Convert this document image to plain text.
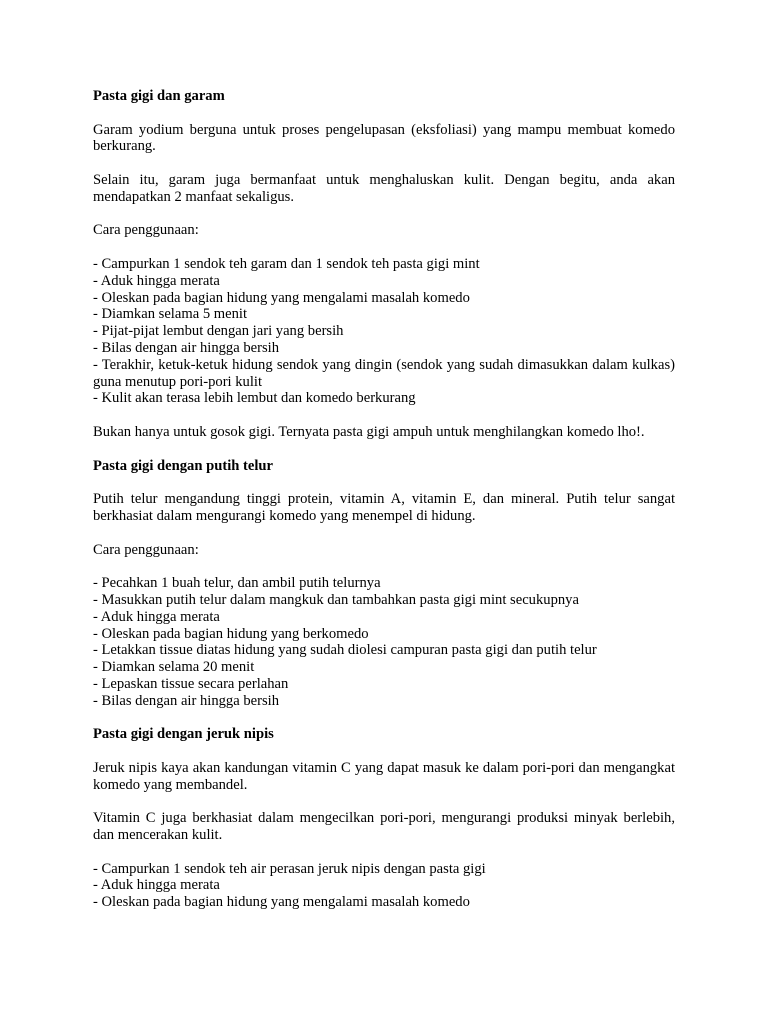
Pasta gigi dan garam

Garam yodium berguna untuk proses pengelupasan (eksfoliasi) yang mampu membuat komedo berkurang.

Selain itu, garam juga bermanfaat untuk menghaluskan kulit. Dengan begitu, anda akan mendapatkan 2 manfaat sekaligus.

Cara penggunaan:

- Campurkan 1 sendok teh garam dan 1 sendok teh pasta gigi mint
- Aduk hingga merata
- Oleskan pada bagian hidung yang mengalami masalah komedo
- Diamkan selama 5 menit
- Pijat-pijat lembut dengan jari yang bersih
- Bilas dengan air hingga bersih
- Terakhir, ketuk-ketuk hidung sendok yang dingin (sendok yang sudah dimasukkan dalam kulkas) guna menutup pori-pori kulit
- Kulit akan terasa lebih lembut dan komedo berkurang

Bukan hanya untuk gosok gigi. Ternyata pasta gigi ampuh untuk menghilangkan komedo lho!.

Pasta gigi dengan putih telur

Putih telur mengandung tinggi protein, vitamin A, vitamin E, dan mineral. Putih telur sangat berkhasiat dalam mengurangi komedo yang menempel di hidung.

Cara penggunaan:

- Pecahkan 1 buah telur, dan ambil putih telurnya
- Masukkan putih telur dalam mangkuk dan tambahkan pasta gigi mint secukupnya
- Aduk hingga merata
- Oleskan pada bagian hidung yang berkomedo
- Letakkan tissue diatas hidung yang sudah diolesi campuran pasta gigi dan putih telur
- Diamkan selama 20 menit
- Lepaskan tissue secara perlahan
- Bilas dengan air hingga bersih

Pasta gigi dengan jeruk nipis

Jeruk nipis kaya akan kandungan vitamin C yang dapat masuk ke dalam pori-pori dan mengangkat komedo yang membandel.

Vitamin C juga berkhasiat dalam mengecilkan pori-pori, mengurangi produksi minyak berlebih, dan mencerakan kulit.

- Campurkan 1 sendok teh air perasan jeruk nipis dengan pasta gigi
- Aduk hingga merata
- Oleskan pada bagian hidung yang mengalami masalah komedo
